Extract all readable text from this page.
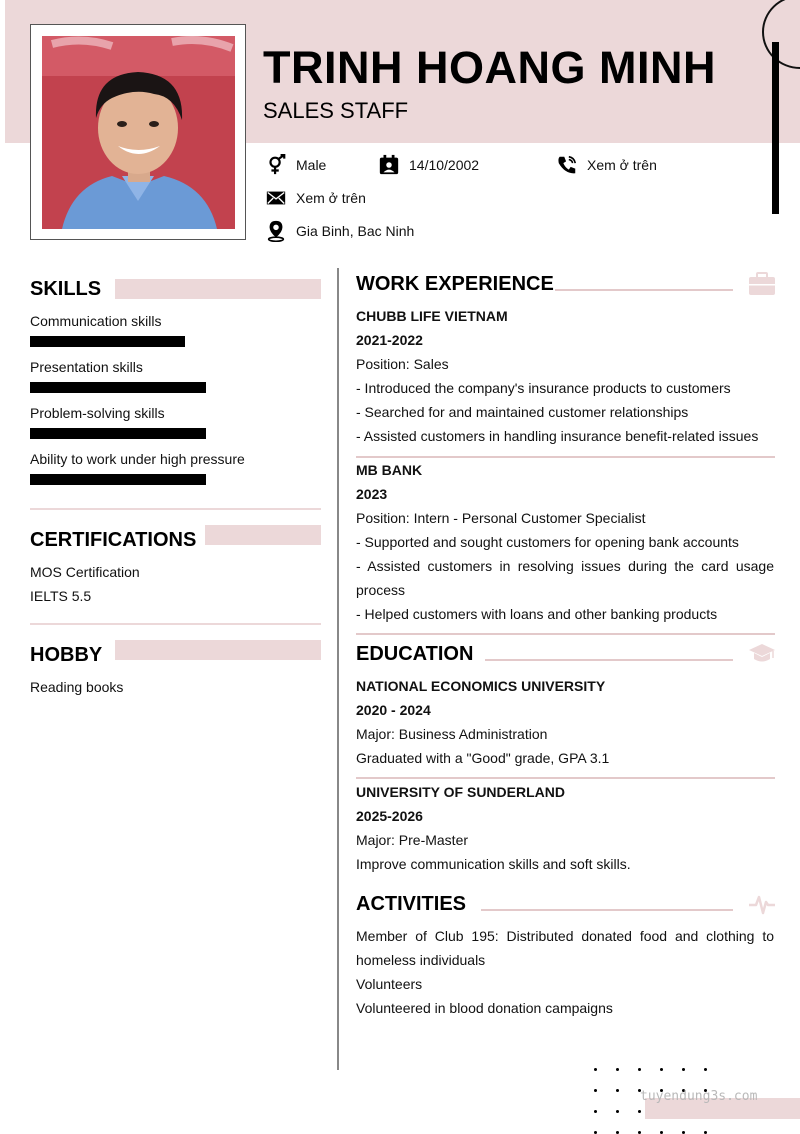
TRINH HOANG MINH
SALES STAFF
Male	14/10/2002	Xem ở trên
Xem ở trên
Gia Binh, Bac Ninh
SKILLS
Communication skills
Presentation skills
Problem-solving skills
Ability to work under high pressure
CERTIFICATIONS
MOS Certification
IELTS 5.5
HOBBY
Reading books
WORK EXPERIENCE
CHUBB LIFE VIETNAM
2021-2022
Position: Sales
- Introduced the company's insurance products to customers
- Searched for and maintained customer relationships
- Assisted customers in handling insurance benefit-related issues
MB BANK
2023
Position: Intern - Personal Customer Specialist
- Supported and sought customers for opening bank accounts
- Assisted customers in resolving issues during the card usage process
- Helped customers with loans and other banking products
EDUCATION
NATIONAL ECONOMICS UNIVERSITY
2020 - 2024
Major: Business Administration
Graduated with a "Good" grade, GPA 3.1
UNIVERSITY OF SUNDERLAND
2025-2026
Major: Pre-Master
Improve communication skills and soft skills.
ACTIVITIES
Member of Club 195: Distributed donated food and clothing to homeless individuals
Volunteers
Volunteered in blood donation campaigns
tuyendung3s.com
